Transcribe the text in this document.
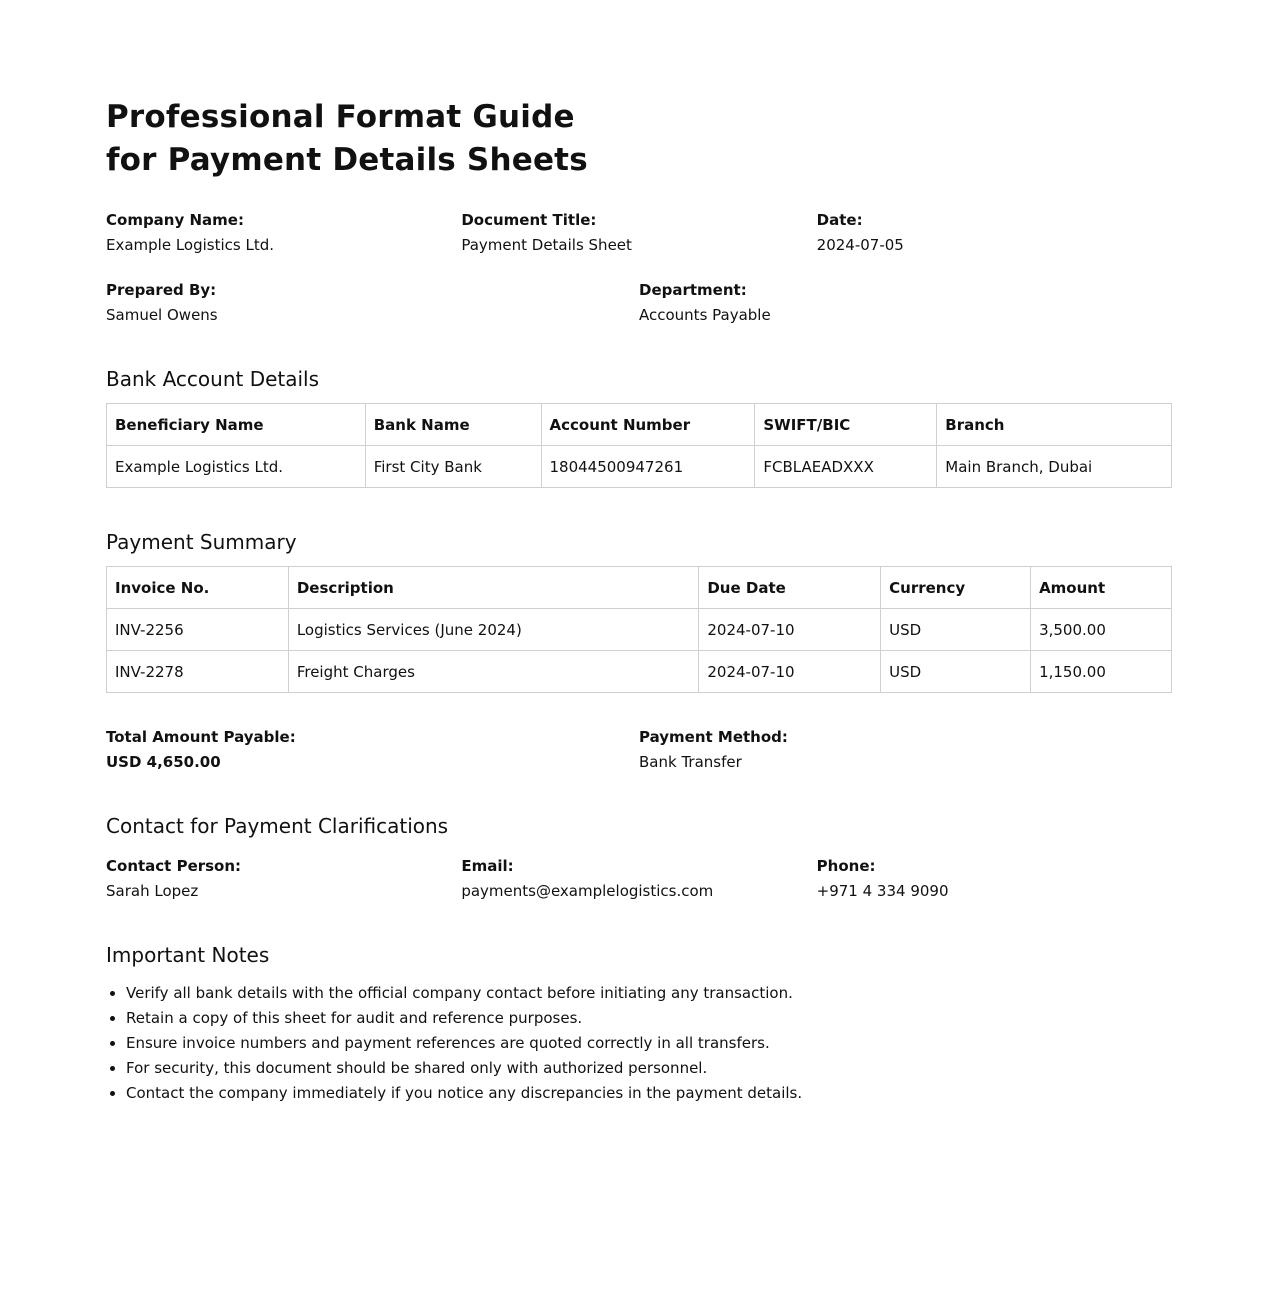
Professional Format Guide
for Payment Details Sheets
Company Name:
Example Logistics Ltd.
Document Title:
Payment Details Sheet
Date:
2024-07-05
Prepared By:
Samuel Owens
Department:
Accounts Payable
Bank Account Details
Beneficiary Name	Bank Name	Account Number	SWIFT/BIC	Branch
Example Logistics Ltd.	First City Bank	18044500947261	FCBLAEADXXX	Main Branch, Dubai
Payment Summary
Invoice No.	Description	Due Date	Currency	Amount
INV-2256	Logistics Services (June 2024)	2024-07-10	USD	3,500.00
INV-2278	Freight Charges	2024-07-10	USD	1,150.00
Total Amount Payable:
USD 4,650.00
Payment Method:
Bank Transfer
Contact for Payment Clarifications
Contact Person:
Sarah Lopez
Email:
payments@examplelogistics.com
Phone:
+971 4 334 9090
Important Notes
• Verify all bank details with the official company contact before initiating any transaction.
• Retain a copy of this sheet for audit and reference purposes.
• Ensure invoice numbers and payment references are quoted correctly in all transfers.
• For security, this document should be shared only with authorized personnel.
• Contact the company immediately if you notice any discrepancies in the payment details.
